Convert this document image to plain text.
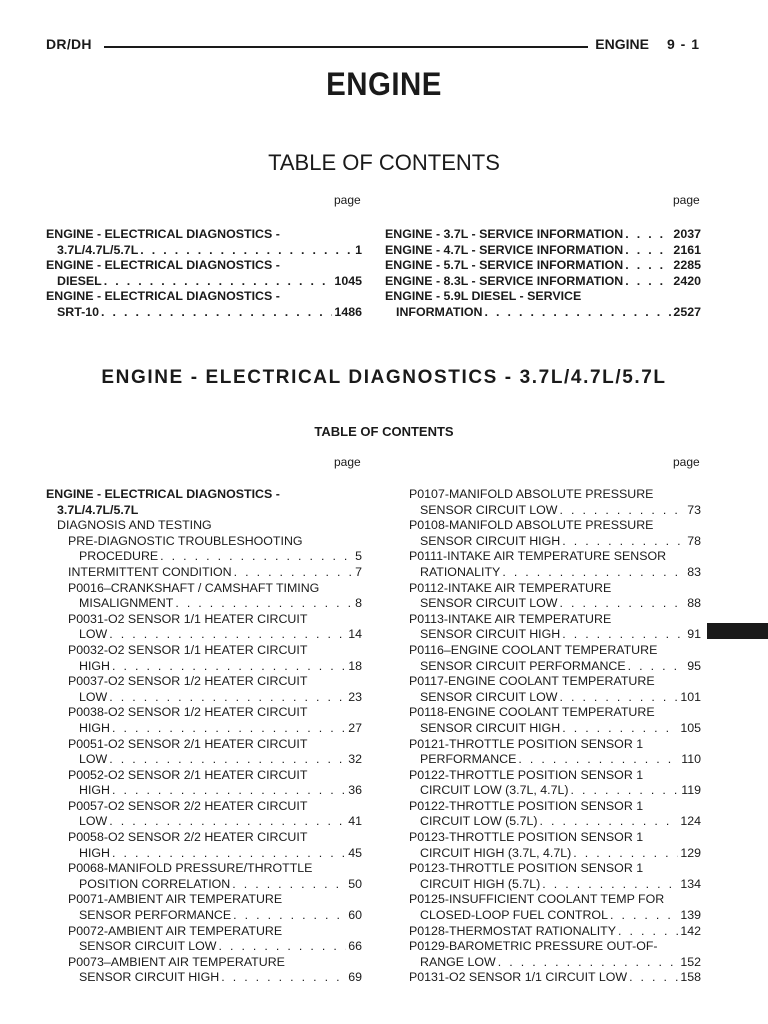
DR/DH	ENGINE 9 - 1
ENGINE
TABLE OF CONTENTS
page	page
ENGINE - ELECTRICAL DIAGNOSTICS -
3.7L/4.7L/5.7L . . .	1
ENGINE - ELECTRICAL DIAGNOSTICS -
DIESEL . . .	1045
ENGINE - ELECTRICAL DIAGNOSTICS -
SRT-10 . . .	1486
ENGINE - 3.7L - SERVICE INFORMATION . . .	2037
ENGINE - 4.7L - SERVICE INFORMATION . . .	2161
ENGINE - 5.7L - SERVICE INFORMATION . . .	2285
ENGINE - 8.3L - SERVICE INFORMATION . . .	2420
ENGINE - 5.9L DIESEL - SERVICE
INFORMATION . . .	2527
ENGINE - ELECTRICAL DIAGNOSTICS - 3.7L/4.7L/5.7L
TABLE OF CONTENTS
page	page
ENGINE - ELECTRICAL DIAGNOSTICS -
3.7L/4.7L/5.7L
DIAGNOSIS AND TESTING
PRE-DIAGNOSTIC TROUBLESHOOTING
PROCEDURE . . .	5
INTERMITTENT CONDITION . . .	7
P0016–CRANKSHAFT / CAMSHAFT TIMING
MISALIGNMENT . . .	8
P0031-O2 SENSOR 1/1 HEATER CIRCUIT
LOW . . .	14
P0032-O2 SENSOR 1/1 HEATER CIRCUIT
HIGH . . .	18
P0037-O2 SENSOR 1/2 HEATER CIRCUIT
LOW . . .	23
P0038-O2 SENSOR 1/2 HEATER CIRCUIT
HIGH . . .	27
P0051-O2 SENSOR 2/1 HEATER CIRCUIT
LOW . . .	32
P0052-O2 SENSOR 2/1 HEATER CIRCUIT
HIGH . . .	36
P0057-O2 SENSOR 2/2 HEATER CIRCUIT
LOW . . .	41
P0058-O2 SENSOR 2/2 HEATER CIRCUIT
HIGH . . .	45
P0068-MANIFOLD PRESSURE/THROTTLE
POSITION CORRELATION . . .	50
P0071-AMBIENT AIR TEMPERATURE
SENSOR PERFORMANCE . . .	60
P0072-AMBIENT AIR TEMPERATURE
SENSOR CIRCUIT LOW . . .	66
P0073–AMBIENT AIR TEMPERATURE
SENSOR CIRCUIT HIGH . . .	69
P0107-MANIFOLD ABSOLUTE PRESSURE
SENSOR CIRCUIT LOW . . .	73
P0108-MANIFOLD ABSOLUTE PRESSURE
SENSOR CIRCUIT HIGH . . .	78
P0111-INTAKE AIR TEMPERATURE SENSOR
RATIONALITY . . .	83
P0112-INTAKE AIR TEMPERATURE
SENSOR CIRCUIT LOW . . .	88
P0113-INTAKE AIR TEMPERATURE
SENSOR CIRCUIT HIGH . . .	91
P0116–ENGINE COOLANT TEMPERATURE
SENSOR CIRCUIT PERFORMANCE . . .	95
P0117-ENGINE COOLANT TEMPERATURE
SENSOR CIRCUIT LOW . . .	101
P0118-ENGINE COOLANT TEMPERATURE
SENSOR CIRCUIT HIGH . . .	105
P0121-THROTTLE POSITION SENSOR 1
PERFORMANCE . . .	110
P0122-THROTTLE POSITION SENSOR 1
CIRCUIT LOW (3.7L, 4.7L) . . .	119
P0122-THROTTLE POSITION SENSOR 1
CIRCUIT LOW (5.7L) . . .	124
P0123-THROTTLE POSITION SENSOR 1
CIRCUIT HIGH (3.7L, 4.7L) . . .	129
P0123-THROTTLE POSITION SENSOR 1
CIRCUIT HIGH (5.7L) . . .	134
P0125-INSUFFICIENT COOLANT TEMP FOR
CLOSED-LOOP FUEL CONTROL . . .	139
P0128-THERMOSTAT RATIONALITY . . .	142
P0129-BAROMETRIC PRESSURE OUT-OF-
RANGE LOW . . .	152
P0131-O2 SENSOR 1/1 CIRCUIT LOW . . .	158
